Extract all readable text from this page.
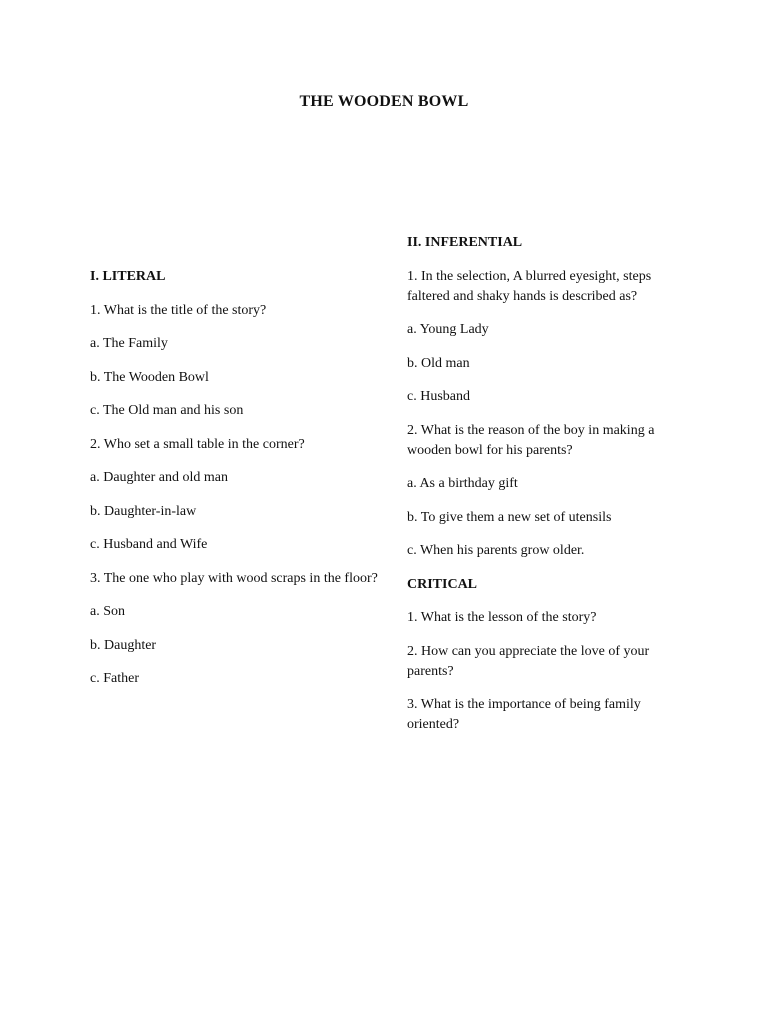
THE WOODEN BOWL
I. LITERAL
1. What is the title of the story?
a. The Family
b. The Wooden Bowl
c. The Old man and his son
2. Who set a small table in the corner?
a. Daughter and old man
b. Daughter-in-law
c. Husband and Wife
3. The one who play with wood scraps in the floor?
a. Son
b. Daughter
c. Father
II. INFERENTIAL
1. In the selection, A blurred eyesight, steps faltered and shaky hands is described as?
a. Young Lady
b. Old man
c. Husband
2. What is the reason of the boy in making a wooden bowl for his parents?
a. As a birthday gift
b. To give them a new set of utensils
c. When his parents grow older.
CRITICAL
1. What is the lesson of the story?
2. How can you appreciate the love of your parents?
3. What is the importance of being family oriented?
